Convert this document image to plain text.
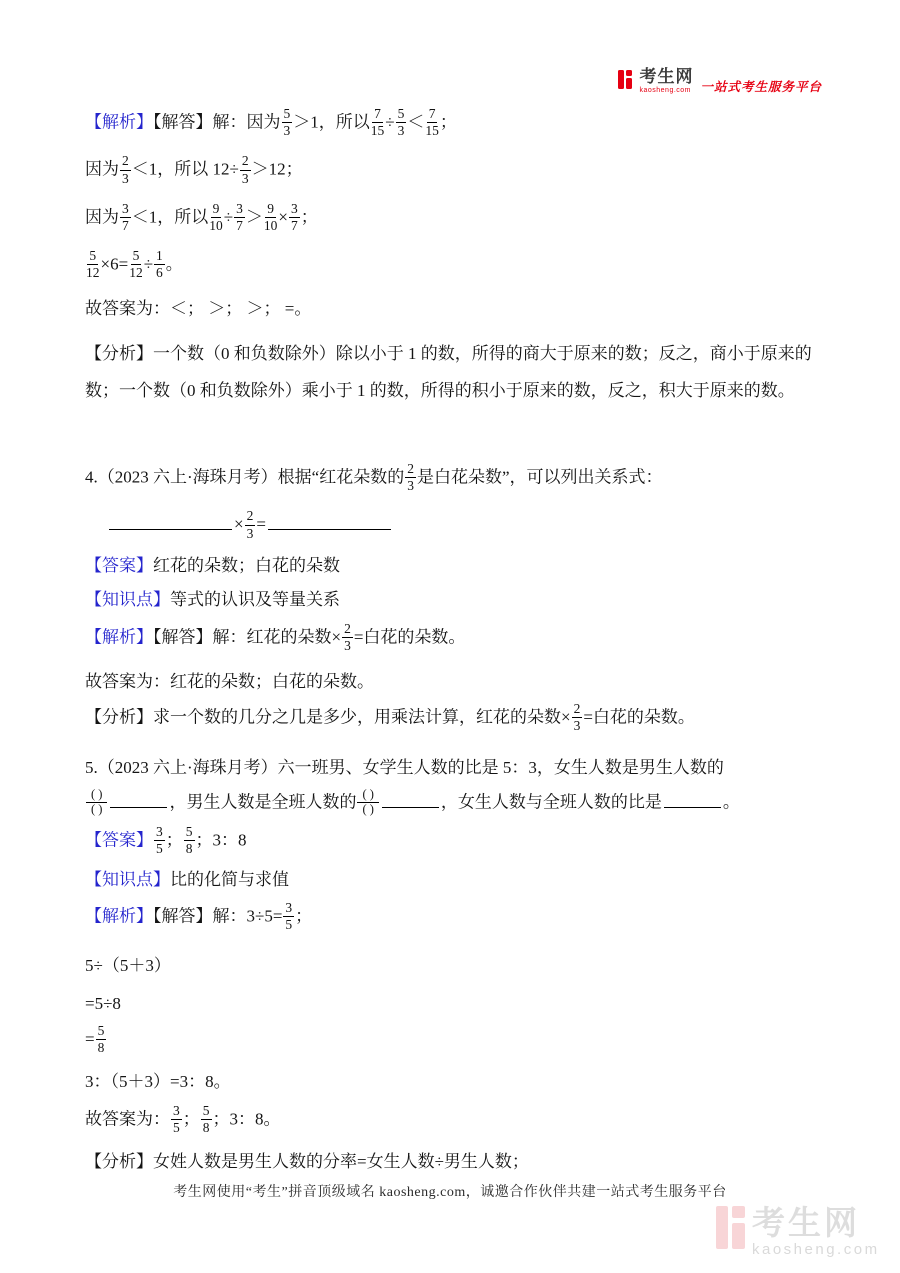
考生网
kaosheng.com 一站式考生服务平台
【解析】【解答】解：因为 $\frac{5}{3} >1$，所以 $\frac{7}{15} \div \frac{5}{3} < \frac{7}{15}$ ；
因为 $\frac{2}{3} <1$，所以 $12\div \frac{2}{3} >12$；
因为 $\frac{3}{7} <1$，所以 $\frac{9}{10} \div \frac{3}{7} > \frac{9}{10} \times \frac{3}{7}$ ；
$\frac{5}{12} \times 6= \frac{5}{12} \div \frac{1}{6}$ 。
故答案为：＜； ＞； ＞； =。
【分析】一个数（0 和负数除外）除以小于 1 的数，所得的商大于原来的数；反之，商小于原来的
数；一个数（0 和负数除外）乘小于 1 的数，所得的积小于原来的数，反之，积大于原来的数。
4.（2023 六上·海珠月考）根据“红花朵数的 $\frac{2}{3}$ 是白花朵数”，可以列出关系式：
× $\frac{2}{3}$ =
【答案】红花的朵数；白花的朵数
【知识点】等式的认识及等量关系
【解析】【解答】解：红花的朵数× $\frac{2}{3}$ =白花的朵数。
故答案为：红花的朵数；白花的朵数。
【分析】求一个数的几分之几是多少，用乘法计算，红花的朵数× $\frac{2}{3}$ =白花的朵数。
5.（2023 六上·海珠月考）六一班男、女学生人数的比是 5：3，女生人数是男生人数的
$\frac{( )}{( )}$	，男生人数是全班人数的 $\frac{( )}{( )}$	，女生人数与全班人数的比是	。
【答案】 $\frac{3}{5}$ ； $\frac{5}{8}$ ；3：8
【知识点】比的化简与求值
【解析】【解答】解：$3\div 5= \frac{3}{5}$ ；
5÷（5＋3）
=5÷8
= $\frac{5}{8}$
3：（5＋3）=3：8。
故答案为： $\frac{3}{5}$ ； $\frac{5}{8}$ ；3：8。
【分析】女姓人数是男生人数的分率=女生人数÷男生人数；
考生网使用“考生”拼音顶级域名 kaosheng.com，诚邀合作伙伴共建一站式考生服务平台
考生网
kaosheng.com
